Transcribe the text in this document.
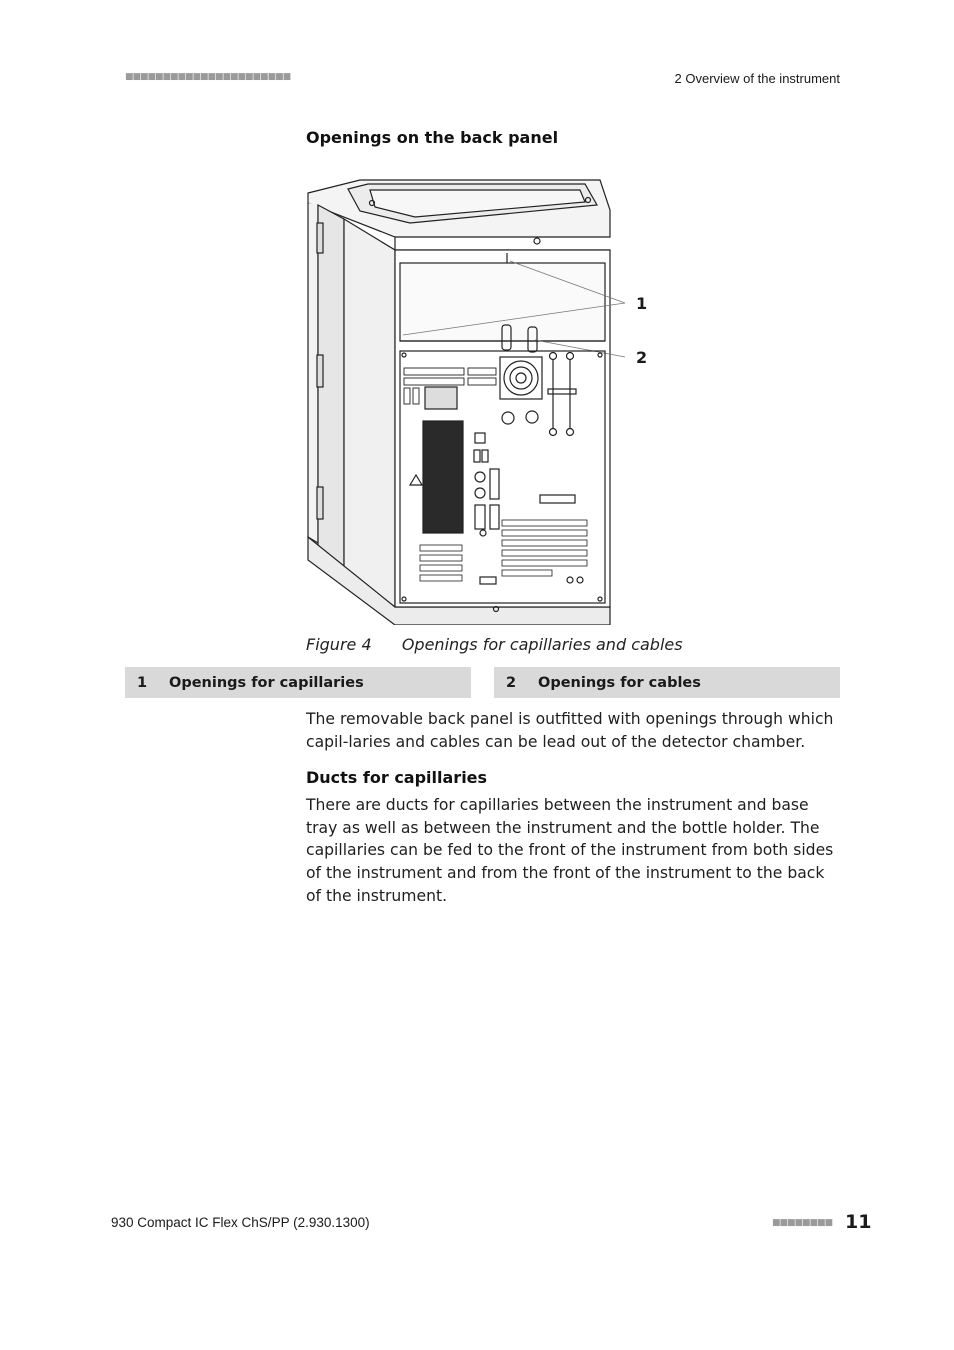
■■■■■■■■■■■■■■■■■■■■■■	2 Overview of the instrument
Openings on the back panel
1
2
Figure 4 Openings for capillaries and cables
1	Openings for capillaries	2	Openings for cables
The removable back panel is outfitted with openings through which capil-laries and cables can be lead out of the detector chamber.
Ducts for capillaries
There are ducts for capillaries between the instrument and base tray as well as between the instrument and the bottle holder. The capillaries can be fed to the front of the instrument from both sides of the instrument and from the front of the instrument to the back of the instrument.
930 Compact IC Flex ChS/PP (2.930.1300)	■■■■■■■■ 11
